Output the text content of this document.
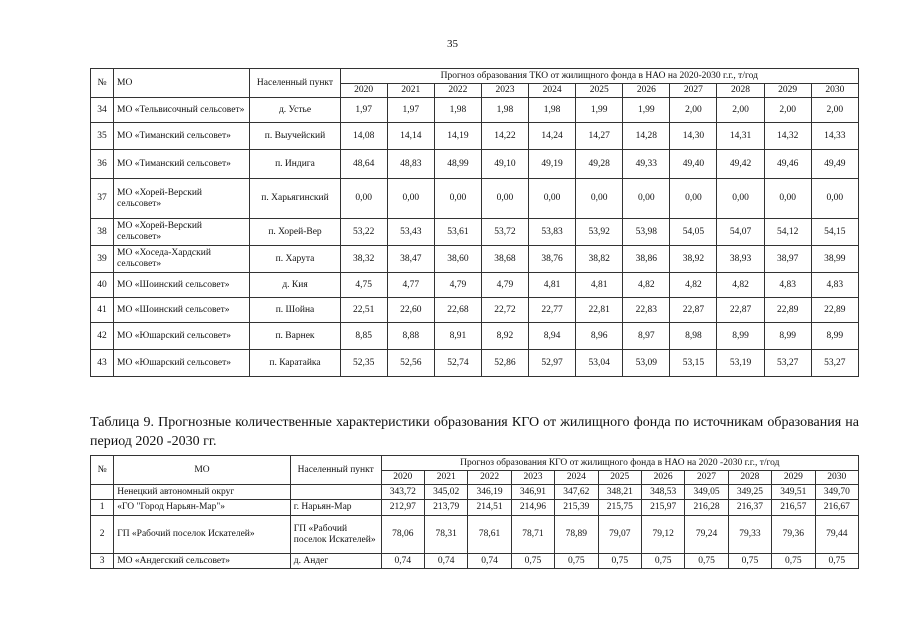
35
№	МО	Населенный пункт	Прогноз образования ТКО от жилищного фонда в НАО на 2020-2030 г.г., т/год										
			2020	2021	2022	2023	2024	2025	2026	2027	2028	2029	2030
34	МО «Тельвисочный сельсовет»	д. Устье	1,97	1,97	1,98	1,98	1,98	1,99	1,99	2,00	2,00	2,00	2,00
35	МО «Тиманский сельсовет»	п. Выучейский	14,08	14,14	14,19	14,22	14,24	14,27	14,28	14,30	14,31	14,32	14,33
36	МО «Тиманский сельсовет»	п. Индига	48,64	48,83	48,99	49,10	49,19	49,28	49,33	49,40	49,42	49,46	49,49
37	МО «Хорей-Верский сельсовет»	п. Харьягинский	0,00	0,00	0,00	0,00	0,00	0,00	0,00	0,00	0,00	0,00	0,00
38	МО «Хорей-Верский сельсовет»	п. Хорей-Вер	53,22	53,43	53,61	53,72	53,83	53,92	53,98	54,05	54,07	54,12	54,15
39	МО «Хоседа-Хардский сельсовет»	п. Харута	38,32	38,47	38,60	38,68	38,76	38,82	38,86	38,92	38,93	38,97	38,99
40	МО «Шоинский сельсовет»	д. Кия	4,75	4,77	4,79	4,79	4,81	4,81	4,82	4,82	4,82	4,83	4,83
41	МО «Шоинский сельсовет»	п. Шойна	22,51	22,60	22,68	22,72	22,77	22,81	22,83	22,87	22,87	22,89	22,89
42	МО «Юшарский сельсовет»	п. Варнек	8,85	8,88	8,91	8,92	8,94	8,96	8,97	8,98	8,99	8,99	8,99
43	МО «Юшарский сельсовет»	п. Каратайка	52,35	52,56	52,74	52,86	52,97	53,04	53,09	53,15	53,19	53,27	53,27
Таблица 9. Прогнозные количественные характеристики образования КГО от жилищного фонда по источникам образования на период 2020 -2030 гг.
№	МО	Населенный пункт	Прогноз образования КГО от жилищного фонда в НАО на 2020 -2030 г.г., т/год										
			2020	2021	2022	2023	2024	2025	2026	2027	2028	2029	2030
	Ненецкий автономный округ		343,72	345,02	346,19	346,91	347,62	348,21	348,53	349,05	349,25	349,51	349,70
1	«ГО "Город Нарьян-Мар"»	г. Нарьян-Мар	212,97	213,79	214,51	214,96	215,39	215,75	215,97	216,28	216,37	216,57	216,67
2	ГП «Рабочий поселок Искателей»	ГП «Рабочий поселок Искателей»	78,06	78,31	78,61	78,71	78,89	79,07	79,12	79,24	79,33	79,36	79,44
3	МО «Андегский сельсовет»	д. Андег	0,74	0,74	0,74	0,75	0,75	0,75	0,75	0,75	0,75	0,75	0,75
